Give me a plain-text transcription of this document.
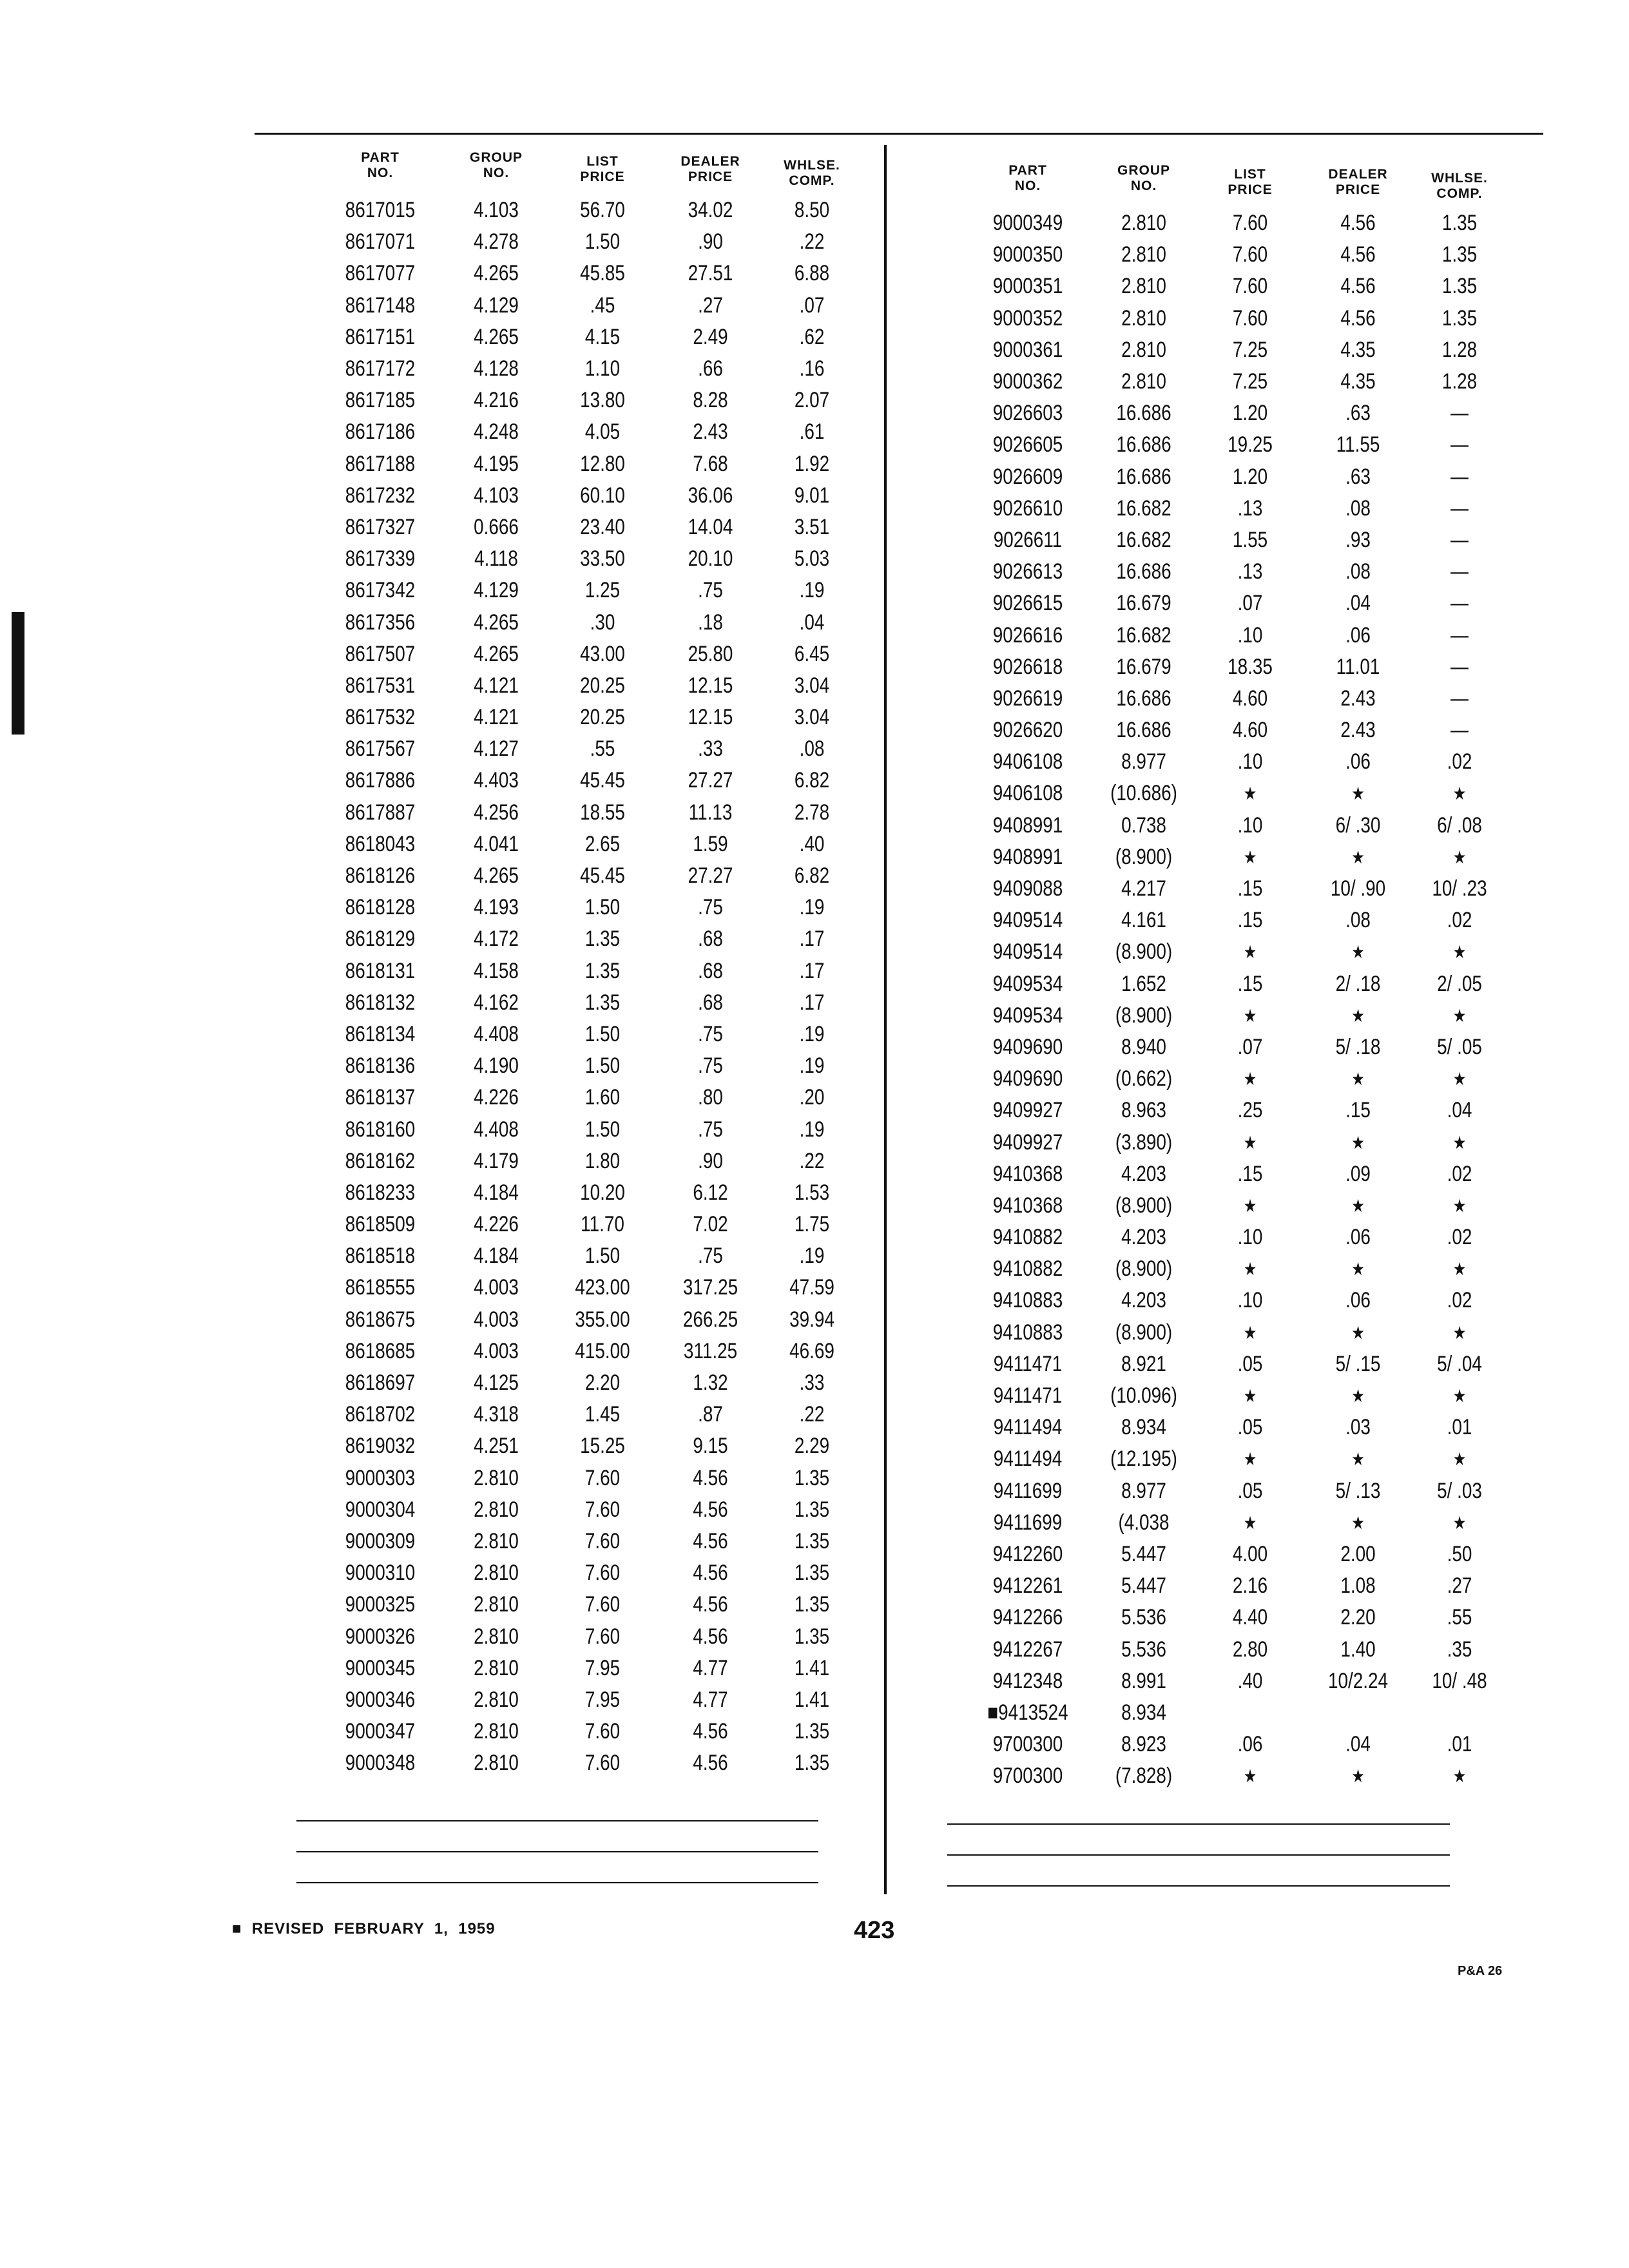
PART
NO.
GROUP
NO.
LIST
PRICE
DEALER
PRICE
WHLSE.
COMP.
8617015	4.103	56.70	34.02	8.50
8617071	4.278	1.50	.90	.22
8617077	4.265	45.85	27.51	6.88
8617148	4.129	.45	.27	.07
8617151	4.265	4.15	2.49	.62
8617172	4.128	1.10	.66	.16
8617185	4.216	13.80	8.28	2.07
8617186	4.248	4.05	2.43	.61
8617188	4.195	12.80	7.68	1.92
8617232	4.103	60.10	36.06	9.01
8617327	0.666	23.40	14.04	3.51
8617339	4.118	33.50	20.10	5.03
8617342	4.129	1.25	.75	.19
8617356	4.265	.30	.18	.04
8617507	4.265	43.00	25.80	6.45
8617531	4.121	20.25	12.15	3.04
8617532	4.121	20.25	12.15	3.04
8617567	4.127	.55	.33	.08
8617886	4.403	45.45	27.27	6.82
8617887	4.256	18.55	11.13	2.78
8618043	4.041	2.65	1.59	.40
8618126	4.265	45.45	27.27	6.82
8618128	4.193	1.50	.75	.19
8618129	4.172	1.35	.68	.17
8618131	4.158	1.35	.68	.17
8618132	4.162	1.35	.68	.17
8618134	4.408	1.50	.75	.19
8618136	4.190	1.50	.75	.19
8618137	4.226	1.60	.80	.20
8618160	4.408	1.50	.75	.19
8618162	4.179	1.80	.90	.22
8618233	4.184	10.20	6.12	1.53
8618509	4.226	11.70	7.02	1.75
8618518	4.184	1.50	.75	.19
8618555	4.003	423.00	317.25	47.59
8618675	4.003	355.00	266.25	39.94
8618685	4.003	415.00	311.25	46.69
8618697	4.125	2.20	1.32	.33
8618702	4.318	1.45	.87	.22
8619032	4.251	15.25	9.15	2.29
9000303	2.810	7.60	4.56	1.35
9000304	2.810	7.60	4.56	1.35
9000309	2.810	7.60	4.56	1.35
9000310	2.810	7.60	4.56	1.35
9000325	2.810	7.60	4.56	1.35
9000326	2.810	7.60	4.56	1.35
9000345	2.810	7.95	4.77	1.41
9000346	2.810	7.95	4.77	1.41
9000347	2.810	7.60	4.56	1.35
9000348	2.810	7.60	4.56	1.35
PART
NO.
GROUP
NO.
LIST
PRICE
DEALER
PRICE
WHLSE.
COMP.
9000349	2.810	7.60	4.56	1.35
9000350	2.810	7.60	4.56	1.35
9000351	2.810	7.60	4.56	1.35
9000352	2.810	7.60	4.56	1.35
9000361	2.810	7.25	4.35	1.28
9000362	2.810	7.25	4.35	1.28
9026603	16.686	1.20	.63	—
9026605	16.686	19.25	11.55	—
9026609	16.686	1.20	.63	—
9026610	16.682	.13	.08	—
9026611	16.682	1.55	.93	—
9026613	16.686	.13	.08	—
9026615	16.679	.07	.04	—
9026616	16.682	.10	.06	—
9026618	16.679	18.35	11.01	—
9026619	16.686	4.60	2.43	—
9026620	16.686	4.60	2.43	—
9406108	8.977	.10	.06	.02
9406108	(10.686)	★	★	★
9408991	0.738	.10	6/ .30	6/ .08
9408991	(8.900)	★	★	★
9409088	4.217	.15	10/ .90	10/ .23
9409514	4.161	.15	.08	.02
9409514	(8.900)	★	★	★
9409534	1.652	.15	2/ .18	2/ .05
9409534	(8.900)	★	★	★
9409690	8.940	.07	5/ .18	5/ .05
9409690	(0.662)	★	★	★
9409927	8.963	.25	.15	.04
9409927	(3.890)	★	★	★
9410368	4.203	.15	.09	.02
9410368	(8.900)	★	★	★
9410882	4.203	.10	.06	.02
9410882	(8.900)	★	★	★
9410883	4.203	.10	.06	.02
9410883	(8.900)	★	★	★
9411471	8.921	.05	5/ .15	5/ .04
9411471	(10.096)	★	★	★
9411494	8.934	.05	.03	.01
9411494	(12.195)	★	★	★
9411699	8.977	.05	5/ .13	5/ .03
9411699	(4.038	★	★	★
9412260	5.447	4.00	2.00	.50
9412261	5.447	2.16	1.08	.27
9412266	5.536	4.40	2.20	.55
9412267	5.536	2.80	1.40	.35
9412348	8.991	.40	10/2.24	10/ .48
■9413524	8.934
9700300	8.923	.06	.04	.01
9700300	(7.828)	★	★	★
■  REVISED  FEBRUARY  1,  1959	423
P&A 26
